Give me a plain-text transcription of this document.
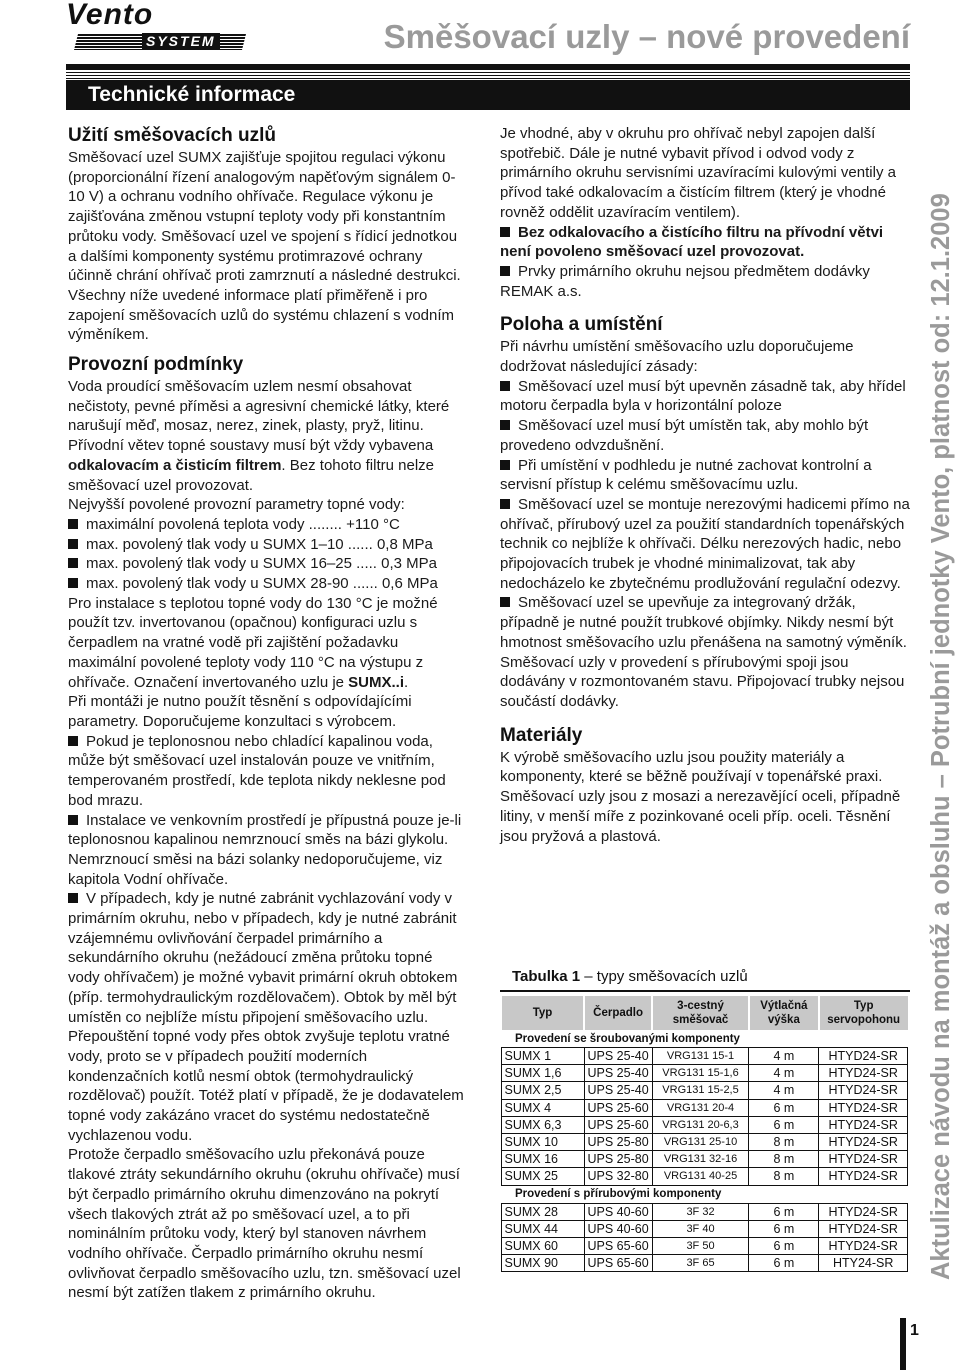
Vento
SYSTEM	Směšovací uzly – nové provedení
Technické informace
Užití směšovacích uzlů

Směšovací uzel SUMX zajišťuje spojitou regulaci výkonu (proporcionální řízení analogovým napěťovým signálem 0-10 V) a ochranu vodního ohřívače. Regulace výkonu je zajišťována změnou vstupní teploty vody při konstantním průtoku vody. Směšovací uzel ve spojení s řídicí jednotkou a dalšími komponenty systému protimrazové ochrany účinně chrání ohřívač proti zamrznutí a následné destrukci. Všechny níže uvedené informace platí přiměřeně i pro zapojení směšovacích uzlů do systému chlazení s vodním výměníkem.

Provozní podmínky

Voda proudící směšovacím uzlem nesmí obsahovat nečistoty, pevné příměsi a agresivní chemické látky, které narušují měď, mosaz, nerez, zinek, plasty, pryž, litinu. Přívodní větev topné soustavy musí být vždy vybavena odkalovacím a čisticím filtrem. Bez tohoto filtru nelze směšovací uzel provozovat.

Nejvyšší povolené provozní parametry topné vody:

maximální povolená teplota vody ........ +110 °C

max. povolený tlak vody u SUMX 1–10 ...... 0,8 MPa

max. povolený tlak vody u SUMX 16–25 ..... 0,3 MPa

max. povolený tlak vody u SUMX 28-90 ...... 0,6 MPa

Pro instalace s teplotou topné vody do 130 °C je možné použít tzv. invertovanou (opačnou) konfiguraci uzlu s čerpadlem na vratné vodě při zajištění požadavku maximální povolené teploty vody 110 °C na výstupu z ohřívače. Označení invertovaného uzlu je SUMX..i.

Při montáži je nutno použít těsnění s odpovídajícími parametry. Doporučujeme konzultaci s výrobcem.

Pokud je teplonosnou nebo chladící kapalinou voda, může být směšovací uzel instalován pouze ve vnitřním, temperovaném prostředí, kde teplota nikdy neklesne pod bod mrazu.

Instalace ve venkovním prostředí je přípustná pouze je-li teplonosnou kapalinou nemrznoucí směs na bázi glykolu. Nemrznoucí směsi na bázi solanky nedoporučujeme, viz kapitola Vodní ohřívače.

V případech, kdy je nutné zabránit vychlazování vody v primárním okruhu, nebo v případech, kdy je nutné zabránit vzájemnému ovlivňování čerpadel primárního a sekundárního okruhu (nežádoucí změna průtoku topné vody ohřívačem) je možné vybavit primární okruh obtokem (příp. termohydraulickým rozdělovačem). Obtok by měl být umístěn co nejblíže místu připojení směšovacího uzlu. Přepouštění topné vody přes obtok zvyšuje teplotu vratné vody, proto se v případech použití moderních kondenzačních kotlů nesmí obtok (termohydraulický rozdělovač) použít. Totéž platí v případě, že je dodavatelem topné vody zakázáno vracet do systému nedostatečně vychlazenou vodu.

Protože čerpadlo směšovacího uzlu překonává pouze tlakové ztráty sekundárního okruhu (okruhu ohřívače) musí být čerpadlo primárního okruhu dimenzováno na pokrytí všech tlakových ztrát až po směšovací uzel, a to při nominálním průtoku vody, který byl stanoven návrhem vodního ohřívače. Čerpadlo primárního okruhu nesmí ovlivňovat čerpadlo směšovacího uzlu, tzn. směšovací uzel nesmí být zatížen tlakem z primárního okruhu.

Je vhodné, aby v okruhu pro ohřívač nebyl zapojen další spotřebič. Dále je nutné vybavit přívod i odvod vody z primárního okruhu servisními uzavíracími kulovými ventily a přívod také odkalovacím a čistícím filtrem (který je vhodné rovněž oddělit uzavíracím ventilem).

Bez odkalovacího a čistícího filtru na přívodní větvi není povoleno směšovací uzel provozovat.

Prvky primárního okruhu nejsou předmětem dodávky REMAK a.s.

Poloha a umístění

Při návrhu umístění směšovacího uzlu doporučujeme dodržovat následující zásady:

Směšovací uzel musí být upevněn zásadně tak, aby hřídel motoru čerpadla byla v horizontální poloze

Směšovací uzel musí být umístěn tak, aby mohlo být provedeno odvzdušnění.

Při umístění v podhledu je nutné zachovat kontrolní a servisní přístup k celému směšovacímu uzlu.

Směšovací uzel se montuje nerezovými hadicemi přímo na ohřívač, přírubový uzel za použití standardních topenářských technik co nejblíže k ohřívači. Délku nerezových hadic, nebo připojovacích trubek je vhodné minimalizovat, tak aby nedocházelo ke zbytečnému prodlužování regulační odezvy.

Směšovací uzel se upevňuje za integrovaný držák, případně je nutné použít trubkové objímky. Nikdy nesmí být hmotnost směšovacího uzlu přenášena na samotný výměník.

Směšovací uzly v provedení s přírubovými spoji jsou dodávány v rozmontovaném stavu. Připojovací trubky nejsou součástí dodávky.

Materiály

K výrobě směšovacího uzlu jsou použity materiály a komponenty, které se běžně používají v topenářské praxi. Směšovací uzly jsou z mosazi a nerezavějící oceli, případně litiny, v menší míře z pozinkované oceli příp. oceli. Těsnění jsou pryžová a plastová.

Tabulka 1 – typy směšovacích uzlů
Typ	Čerpadlo	3-cestný směšovač	Výtlačná výška	Typ servopohonu
Provedení se šroubovanými komponenty				
SUMX 1	UPS 25-40	VRG131 15-1	4 m	HTYD24-SR
SUMX 1,6	UPS 25-40	VRG131 15-1,6	4 m	HTYD24-SR
SUMX 2,5	UPS 25-40	VRG131 15-2,5	4 m	HTYD24-SR
SUMX 4	UPS 25-60	VRG131 20-4	6 m	HTYD24-SR
SUMX 6,3	UPS 25-60	VRG131 20-6,3	6 m	HTYD24-SR
SUMX 10	UPS 25-80	VRG131 25-10	8 m	HTYD24-SR
SUMX 16	UPS 25-80	VRG131 32-16	8 m	HTYD24-SR
SUMX 25	UPS 32-80	VRG131 40-25	8 m	HTYD24-SR
Provedení s přírubovými komponenty				
SUMX 28	UPS 40-60	3F 32	6 m	HTYD24-SR
SUMX 44	UPS 40-60	3F 40	6 m	HTYD24-SR
SUMX 60	UPS 65-60	3F 50	6 m	HTYD24-SR
SUMX 90	UPS 65-60	3F 65	6 m	HTY24-SR Aktulizace návodu na montáž a obsluhu – Potrubní jednotky Vento, platnost od: 12.1.2009
1
